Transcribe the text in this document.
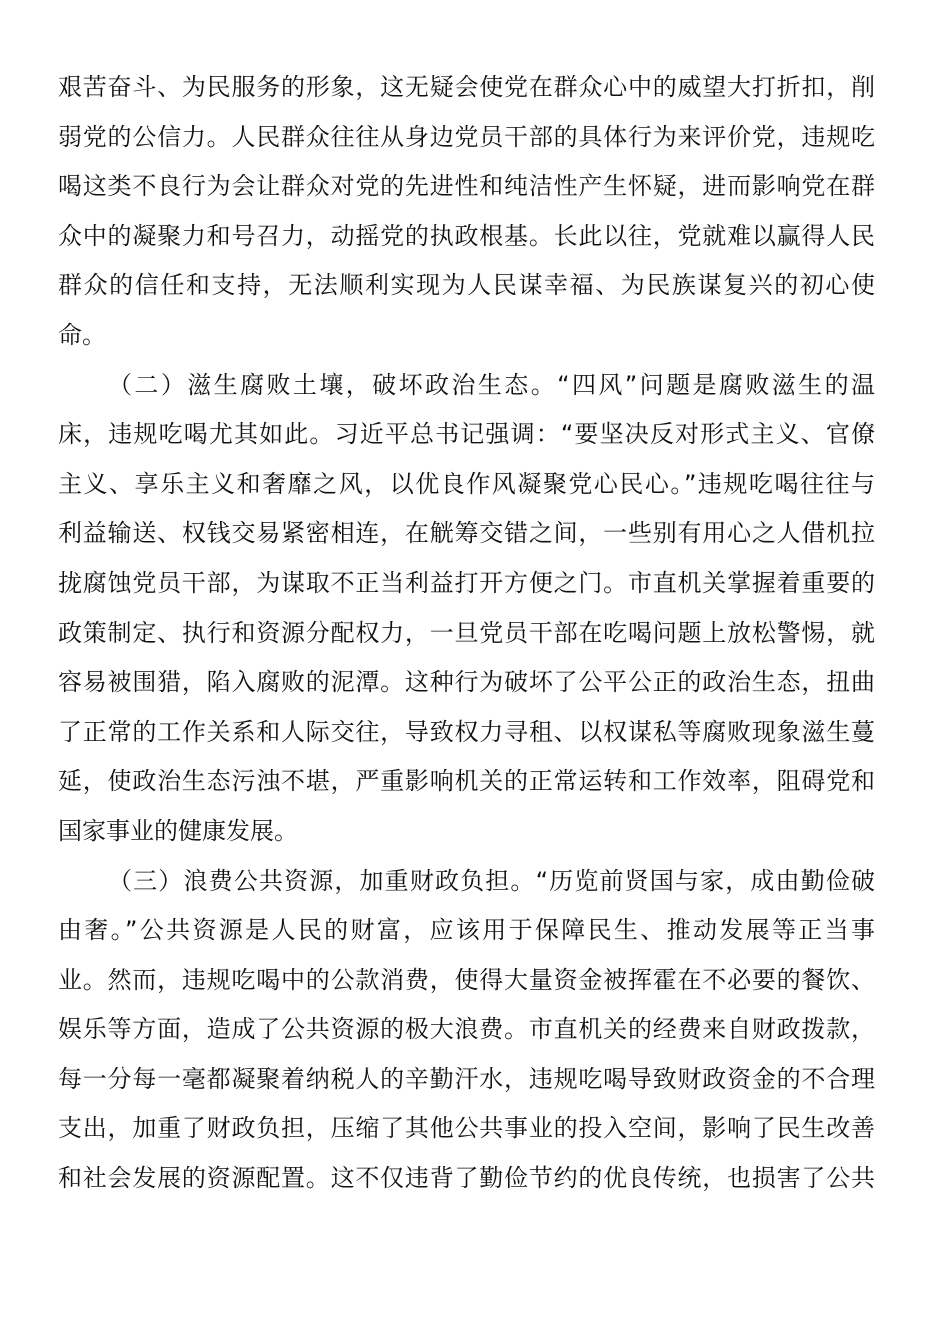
艰苦奋斗、为民服务的形象，这无疑会使党在群众心中的威望大打折扣，削
弱党的公信力。人民群众往往从身边党员干部的具体行为来评价党，违规吃
喝这类不良行为会让群众对党的先进性和纯洁性产生怀疑，进而影响党在群
众中的凝聚力和号召力，动摇党的执政根基。长此以往，党就难以赢得人民
群众的信任和支持，无法顺利实现为人民谋幸福、为民族谋复兴的初心使
命。
（二）滋生腐败土壤，破坏政治生态。“四风”问题是腐败滋生的温
床，违规吃喝尤其如此。习近平总书记强调：“要坚决反对形式主义、官僚
主义、享乐主义和奢靡之风，以优良作风凝聚党心民心。”违规吃喝往往与
利益输送、权钱交易紧密相连，在觥筹交错之间，一些别有用心之人借机拉
拢腐蚀党员干部，为谋取不正当利益打开方便之门。市直机关掌握着重要的
政策制定、执行和资源分配权力，一旦党员干部在吃喝问题上放松警惕，就
容易被围猎，陷入腐败的泥潭。这种行为破坏了公平公正的政治生态，扭曲
了正常的工作关系和人际交往，导致权力寻租、以权谋私等腐败现象滋生蔓
延，使政治生态污浊不堪，严重影响机关的正常运转和工作效率，阻碍党和
国家事业的健康发展。
（三）浪费公共资源，加重财政负担。“历览前贤国与家，成由勤俭破
由奢。”公共资源是人民的财富，应该用于保障民生、推动发展等正当事
业。然而，违规吃喝中的公款消费，使得大量资金被挥霍在不必要的餐饮、
娱乐等方面，造成了公共资源的极大浪费。市直机关的经费来自财政拨款，
每一分每一毫都凝聚着纳税人的辛勤汗水，违规吃喝导致财政资金的不合理
支出，加重了财政负担，压缩了其他公共事业的投入空间，影响了民生改善
和社会发展的资源配置。这不仅违背了勤俭节约的优良传统，也损害了公共
